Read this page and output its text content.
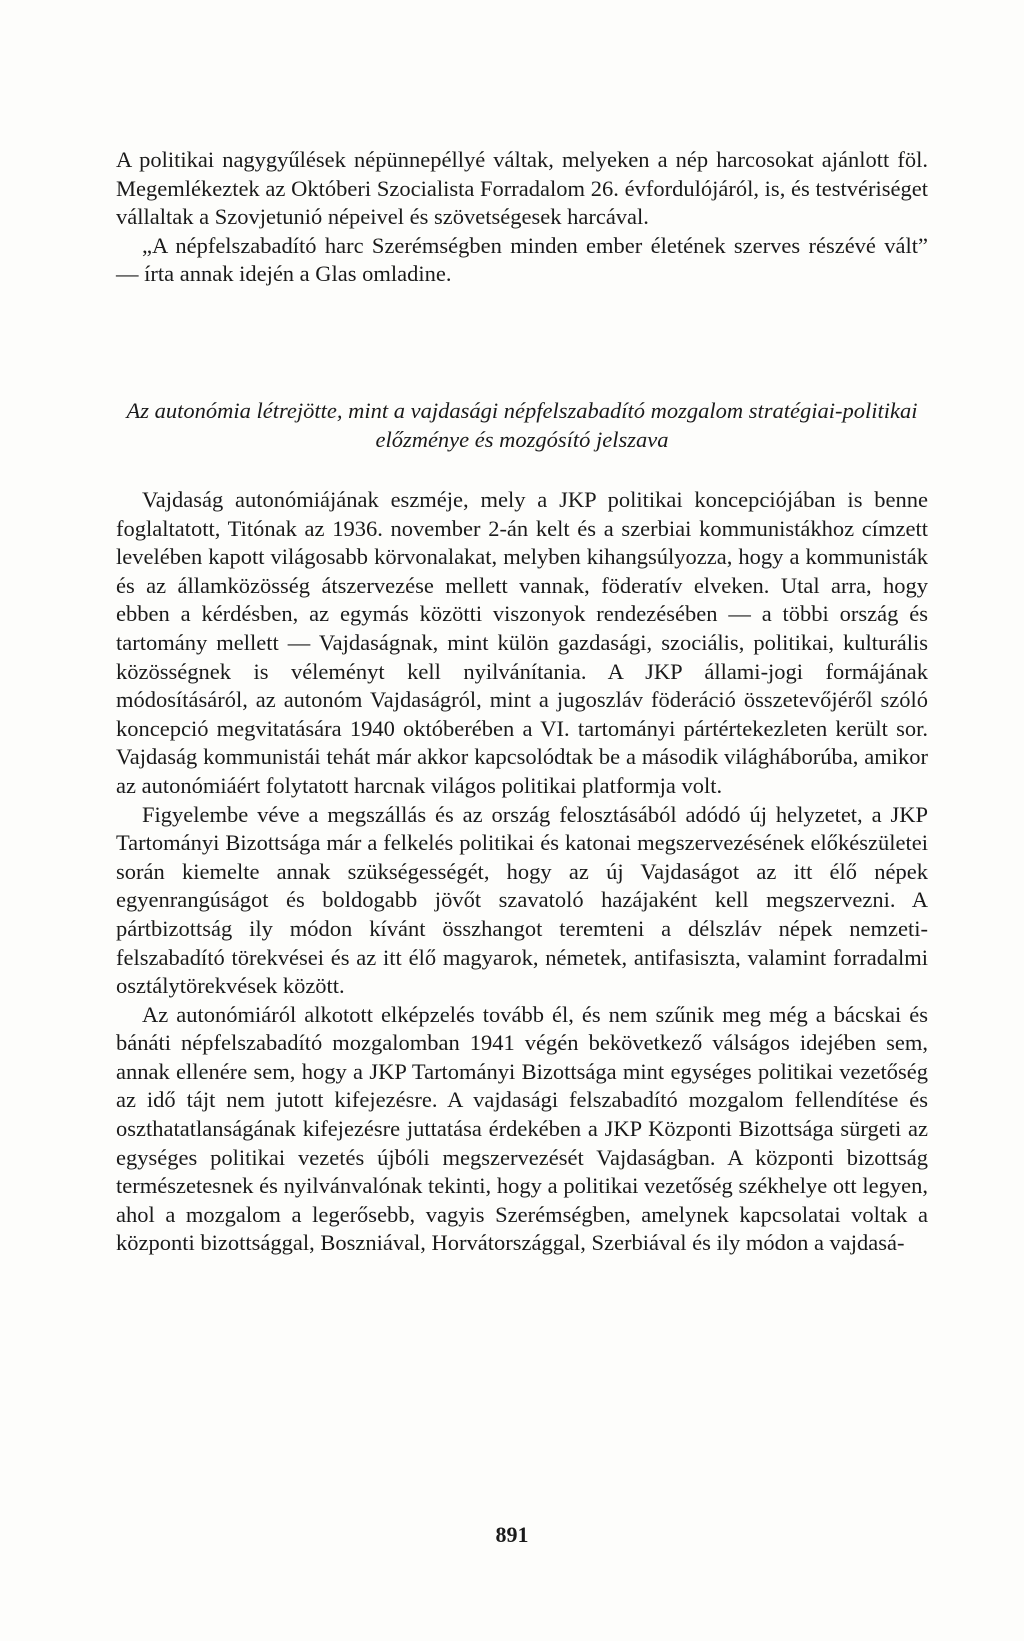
A politikai nagygyűlések népünnepéllyé váltak, melyeken a nép harcosokat ajánlott föl. Megemlékeztek az Októberi Szocialista Forradalom 26. évfordulójáról, is, és testvériséget vállaltak a Szovjetunió népeivel és szövetségesek harcával.

„A népfelszabadító harc Szerémségben minden ember életének szerves részévé vált” — írta annak idején a Glas omladine.

Az autonómia létrejötte, mint a vajdasági népfelszabadító mozgalom stratégiai-politikai előzménye és mozgósító jelszava

Vajdaság autonómiájának eszméje, mely a JKP politikai koncepciójában is benne foglaltatott, Titónak az 1936. november 2-án kelt és a szerbiai kommunistákhoz címzett levelében kapott világosabb körvonalakat, melyben kihangsúlyozza, hogy a kommunisták és az államközösség átszervezése mellett vannak, föderatív elveken. Utal arra, hogy ebben a kérdésben, az egymás közötti viszonyok rendezésében — a többi ország és tartomány mellett — Vajdaságnak, mint külön gazdasági, szociális, politikai, kulturális közösségnek is véleményt kell nyilvánítania. A JKP állami-jogi formájának módosításáról, az autonóm Vajdaságról, mint a jugoszláv föderáció összetevőjéről szóló koncepció megvitatására 1940 októberében a VI. tartományi pártértekezleten került sor. Vajdaság kommunistái tehát már akkor kapcsolódtak be a második világháborúba, amikor az autonómiáért folytatott harcnak világos politikai platformja volt.

Figyelembe véve a megszállás és az ország felosztásából adódó új helyzetet, a JKP Tartományi Bizottsága már a felkelés politikai és katonai megszervezésének előkészületei során kiemelte annak szükségességét, hogy az új Vajdaságot az itt élő népek egyenrangúságot és boldogabb jövőt szavatoló hazájaként kell megszervezni. A pártbizottság ily módon kívánt összhangot teremteni a délszláv népek nemzeti-felszabadító törekvései és az itt élő magyarok, németek, antifasiszta, valamint forradalmi osztálytörekvések között.

Az autonómiáról alkotott elképzelés tovább él, és nem szűnik meg még a bácskai és bánáti népfelszabadító mozgalomban 1941 végén bekövetkező válságos idejében sem, annak ellenére sem, hogy a JKP Tartományi Bizottsága mint egységes politikai vezetőség az idő tájt nem jutott kifejezésre. A vajdasági felszabadító mozgalom fellendítése és oszthatatlanságának kifejezésre juttatása érdekében a JKP Központi Bizottsága sürgeti az egységes politikai vezetés újbóli megszervezését Vajdaságban. A központi bizottság természetesnek és nyilvánvalónak tekinti, hogy a politikai vezetőség székhelye ott legyen, ahol a mozgalom a legerősebb, vagyis Szerémségben, amelynek kapcsolatai voltak a központi bizottsággal, Boszniával, Horvátországgal, Szerbiával és ily módon a vajdasá-

891
